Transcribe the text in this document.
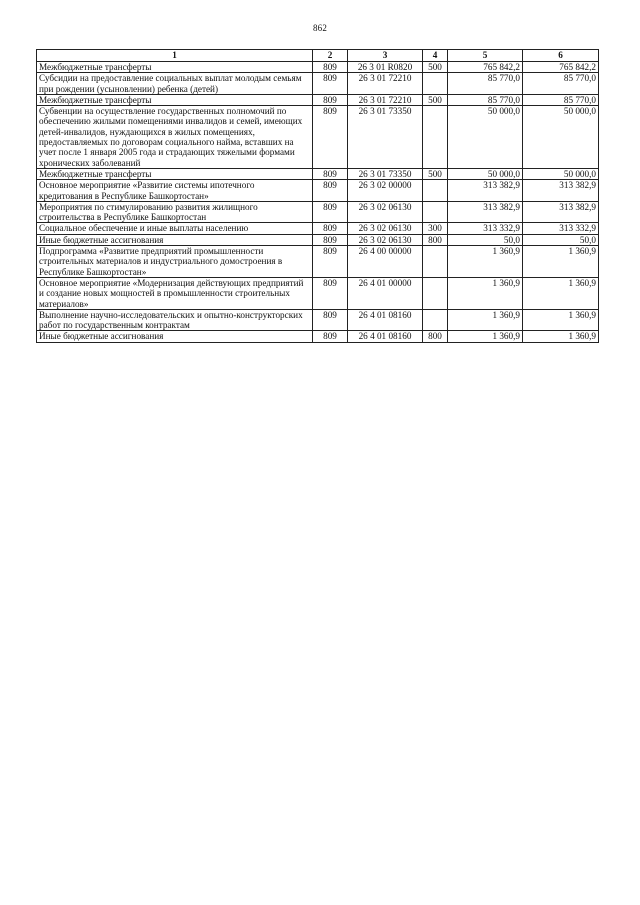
862
1	2	3	4	5	6
Межбюджетные трансферты	809	26 3 01 R0820	500	765 842,2	765 842,2
Субсидии на предоставление социальных выплат молодым семьям при рождении (усыновлении) ребенка (детей)	809	26 3 01 72210		85 770,0	85 770,0
Межбюджетные трансферты	809	26 3 01 72210	500	85 770,0	85 770,0
Субвенции на осуществление государственных полномочий по обеспечению жилыми помещениями инвалидов и семей, имеющих детей-инвалидов, нуждающихся в жилых помещениях, предоставляемых по договорам социального найма, вставших на учет после 1 января 2005 года и страдающих тяжелыми формами хронических заболеваний	809	26 3 01 73350		50 000,0	50 000,0
Межбюджетные трансферты	809	26 3 01 73350	500	50 000,0	50 000,0
Основное мероприятие «Развитие системы ипотечного кредитования в Республике Башкортостан»	809	26 3 02 00000		313 382,9	313 382,9
Мероприятия по стимулированию развития жилищного строительства в Республике Башкортостан	809	26 3 02 06130		313 382,9	313 382,9
Социальное обеспечение и иные выплаты населению	809	26 3 02 06130	300	313 332,9	313 332,9
Иные бюджетные ассигнования	809	26 3 02 06130	800	50,0	50,0
Подпрограмма «Развитие предприятий промышленности строительных материалов и индустриального домостроения в Республике Башкортостан»	809	26 4 00 00000		1 360,9	1 360,9
Основное мероприятие «Модернизация действующих предприятий и создание новых мощностей в промышленности строительных материалов»	809	26 4 01 00000		1 360,9	1 360,9
Выполнение научно-исследовательских и опытно-конструкторских работ по государственным контрактам	809	26 4 01 08160		1 360,9	1 360,9
Иные бюджетные ассигнования	809	26 4 01 08160	800	1 360,9	1 360,9
